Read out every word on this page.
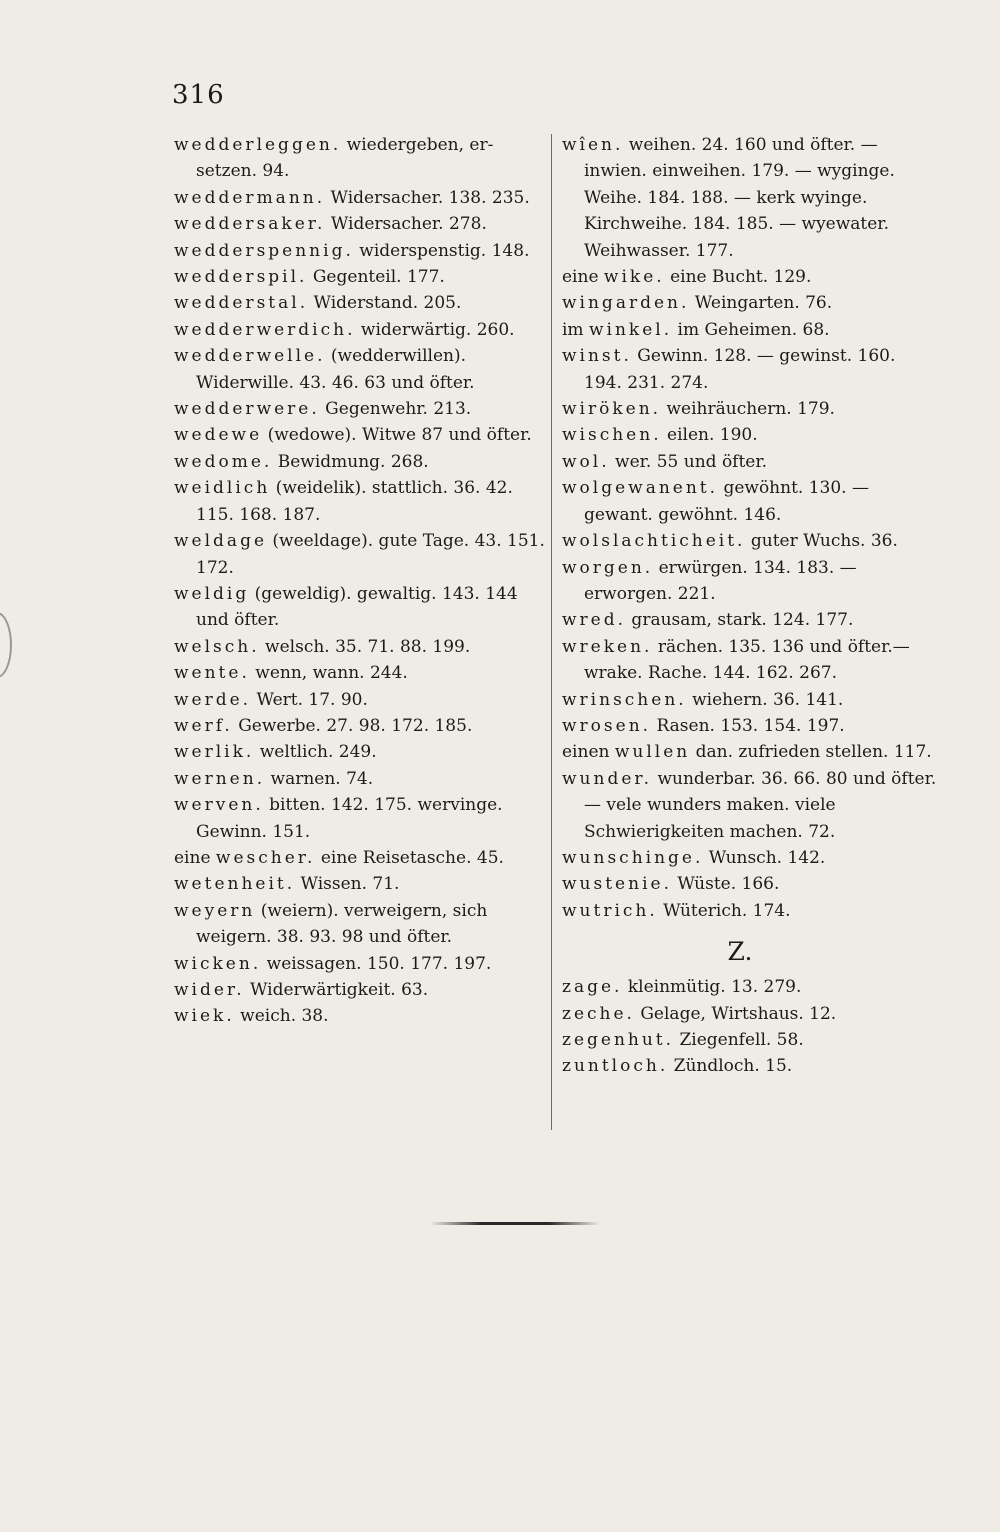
316
wedderleggen. wiedergeben, er-setzen. 94.
weddermann. Widersacher. 138. 235.
weddersaker. Widersacher. 278.
wedderspennig. widerspenstig. 148.
wedderspil. Gegenteil. 177.
wedderstal. Widerstand. 205.
wedderwerdich. widerwärtig. 260.
wedderwelle. (wedderwillen). Widerwille. 43. 46. 63 und öfter.
wedderwere. Gegenwehr. 213.
wedewe (wedowe). Witwe 87 und öfter.
wedome. Bewidmung. 268.
weidlich (weidelik). stattlich. 36. 42. 115. 168. 187.
weldage (weeldage). gute Tage. 43. 151. 172.
weldig (geweldig). gewaltig. 143. 144 und öfter.
welsch. welsch. 35. 71. 88. 199.
wente. wenn, wann. 244.
werde. Wert. 17. 90.
werf. Gewerbe. 27. 98. 172. 185.
werlik. weltlich. 249.
wernen. warnen. 74.
werven. bitten. 142. 175. wervinge. Gewinn. 151.
eine wescher. eine Reisetasche. 45.
wetenheit. Wissen. 71.
weyern (weiern). verweigern, sich weigern. 38. 93. 98 und öfter.
wicken. weissagen. 150. 177. 197.
wider. Widerwärtigkeit. 63.
wiek. weich. 38.
wîen. weihen. 24. 160 und öfter. — inwien. einweihen. 179. — wyginge. Weihe. 184. 188. — kerk wyinge. Kirchweihe. 184. 185. — wyewater. Weihwasser. 177.
eine wike. eine Bucht. 129.
wingarden. Weingarten. 76.
im winkel. im Geheimen. 68.
winst. Gewinn. 128. — gewinst. 160. 194. 231. 274.
wiröken. weihräuchern. 179.
wischen. eilen. 190.
wol. wer. 55 und öfter.
wolgewanent. gewöhnt. 130. — gewant. gewöhnt. 146.
wolslachticheit. guter Wuchs. 36.
worgen. erwürgen. 134. 183. — erworgen. 221.
wred. grausam, stark. 124. 177.
wreken. rächen. 135. 136 und öfter.— wrake. Rache. 144. 162. 267.
wrinschen. wiehern. 36. 141.
wrosen. Rasen. 153. 154. 197.
einen wullen dan. zufrieden stellen. 117.
wunder. wunderbar. 36. 66. 80 und öfter. — vele wunders maken. viele Schwierigkeiten machen. 72.
wunschinge. Wunsch. 142.
wustenie. Wüste. 166.
wutrich. Wüterich. 174.
Z.
zage. kleinmütig. 13. 279.
zeche. Gelage, Wirtshaus. 12.
zegenhut. Ziegenfell. 58.
zuntloch. Zündloch. 15.
